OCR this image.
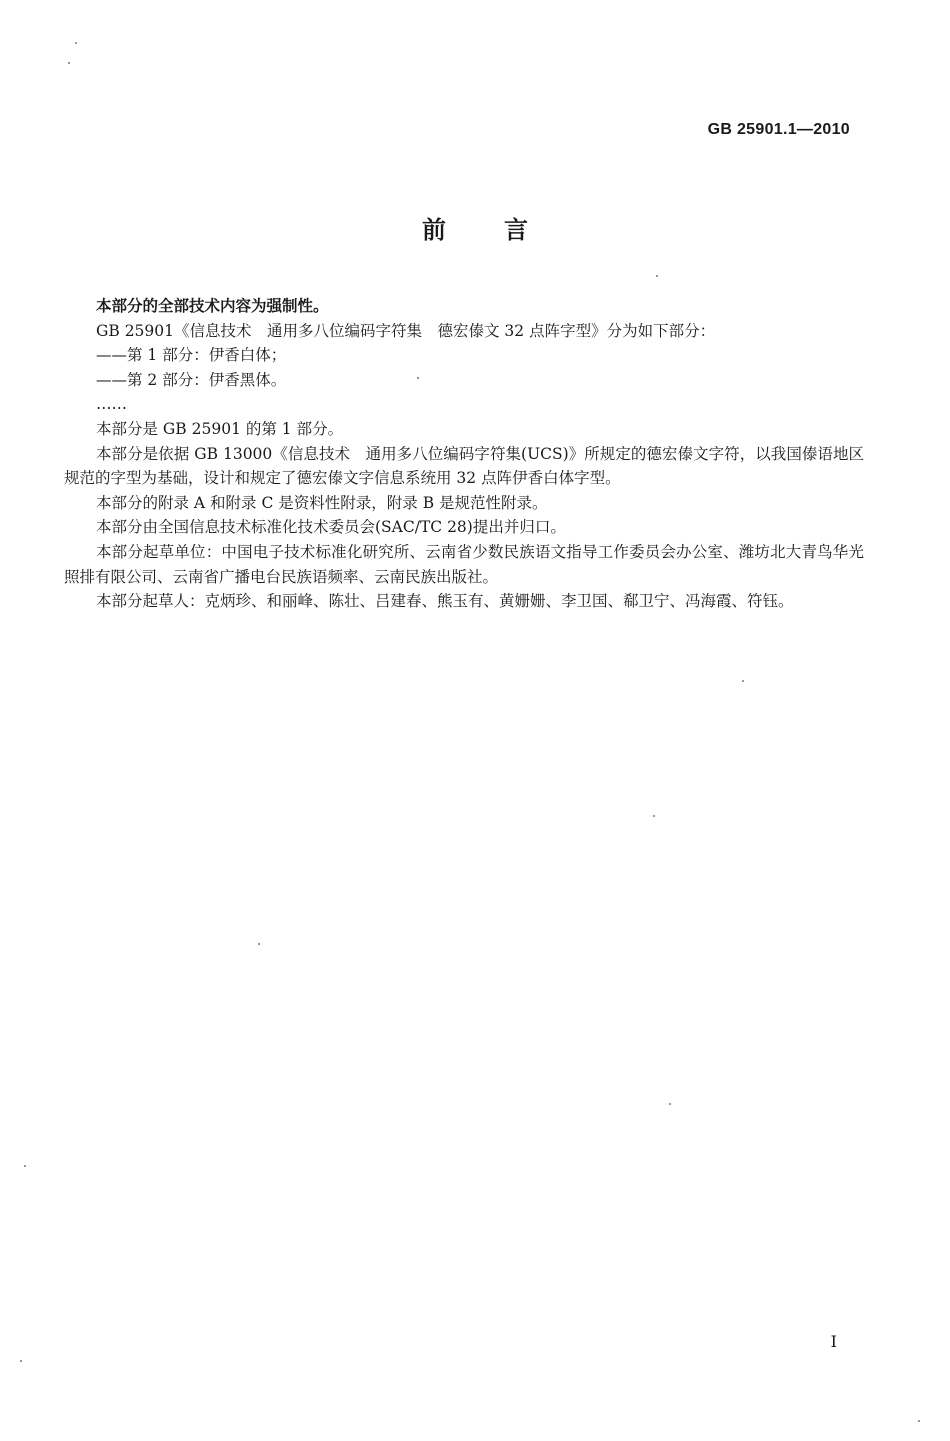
GB 25901.1—2010
前言

本部分的全部技术内容为强制性。

GB 25901《信息技术　通用多八位编码字符集　德宏傣文 32 点阵字型》分为如下部分：

——第 1 部分：伊香白体；

——第 2 部分：伊香黑体。

……

本部分是 GB 25901 的第 1 部分。

本部分是依据 GB 13000《信息技术　通用多八位编码字符集(UCS)》所规定的德宏傣文字符，以我国傣语地区规范的字型为基础，设计和规定了德宏傣文字信息系统用 32 点阵伊香白体字型。

本部分的附录 A 和附录 C 是资料性附录，附录 B 是规范性附录。

本部分由全国信息技术标准化技术委员会(SAC/TC 28)提出并归口。

本部分起草单位：中国电子技术标准化研究所、云南省少数民族语文指导工作委员会办公室、潍坊北大青鸟华光照排有限公司、云南省广播电台民族语频率、云南民族出版社。

本部分起草人：克炳珍、和丽峰、陈壮、吕建春、熊玉有、黄姗姗、李卫国、郗卫宁、冯海霞、符钰。

I
